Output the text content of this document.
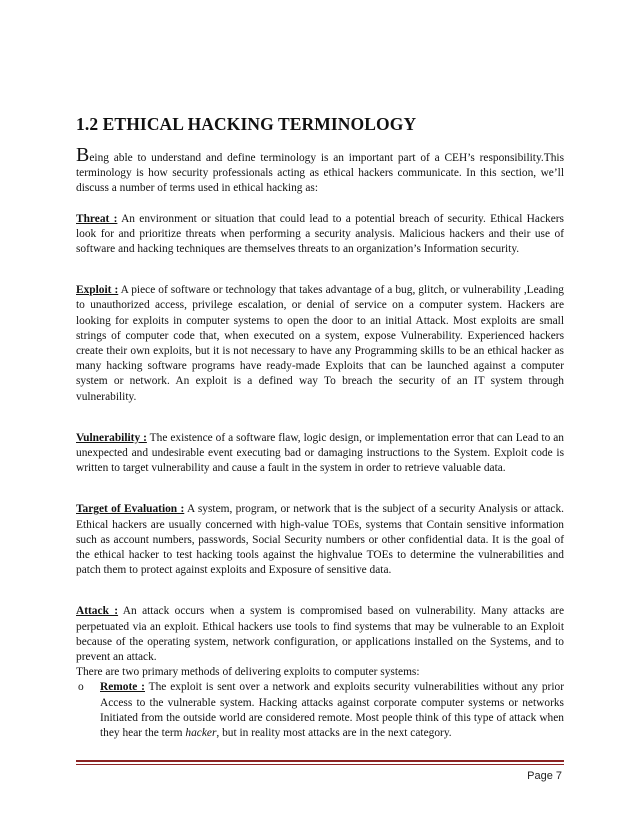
1.2 ETHICAL HACKING TERMINOLOGY

Being able to understand and define terminology is an important part of a CEH’s responsibility.This terminology is how security professionals acting as ethical hackers communicate. In this section, we’ll discuss a number of terms used in ethical hacking as:

Threat : An environment or situation that could lead to a potential breach of security. Ethical Hackers look for and prioritize threats when performing a security analysis. Malicious hackers and their use of software and hacking techniques are themselves threats to an organization’s Information security.

Exploit : A piece of software or technology that takes advantage of a bug, glitch, or vulnerability ,Leading to unauthorized access, privilege escalation, or denial of service on a computer system. Hackers are looking for exploits in computer systems to open the door to an initial Attack. Most exploits are small strings of computer code that, when executed on a system, expose Vulnerability. Experienced hackers create their own exploits, but it is not necessary to have any Programming skills to be an ethical hacker as many hacking software programs have ready-made Exploits that can be launched against a computer system or network. An exploit is a defined way To breach the security of an IT system through vulnerability.

Vulnerability : The existence of a software flaw, logic design, or implementation error that can Lead to an unexpected and undesirable event executing bad or damaging instructions to the System. Exploit code is written to target vulnerability and cause a fault in the system in order to retrieve valuable data.

Target of Evaluation : A system, program, or network that is the subject of a security Analysis or attack. Ethical hackers are usually concerned with high-value TOEs, systems that Contain sensitive information such as account numbers, passwords, Social Security numbers or other confidential data. It is the goal of the ethical hacker to test hacking tools against the highvalue TOEs to determine the vulnerabilities and patch them to protect against exploits and Exposure of sensitive data.

Attack : An attack occurs when a system is compromised based on vulnerability. Many attacks are perpetuated via an exploit. Ethical hackers use tools to find systems that may be vulnerable to an Exploit because of the operating system, network configuration, or applications installed on the Systems, and to prevent an attack.

There are two primary methods of delivering exploits to computer systems:

o	Remote : The exploit is sent over a network and exploits security vulnerabilities without any prior Access to the vulnerable system. Hacking attacks against corporate computer systems or networks Initiated from the outside world are considered remote. Most people think of this type of attack when they hear the term hacker, but in reality most attacks are in the next category.

Page 7
